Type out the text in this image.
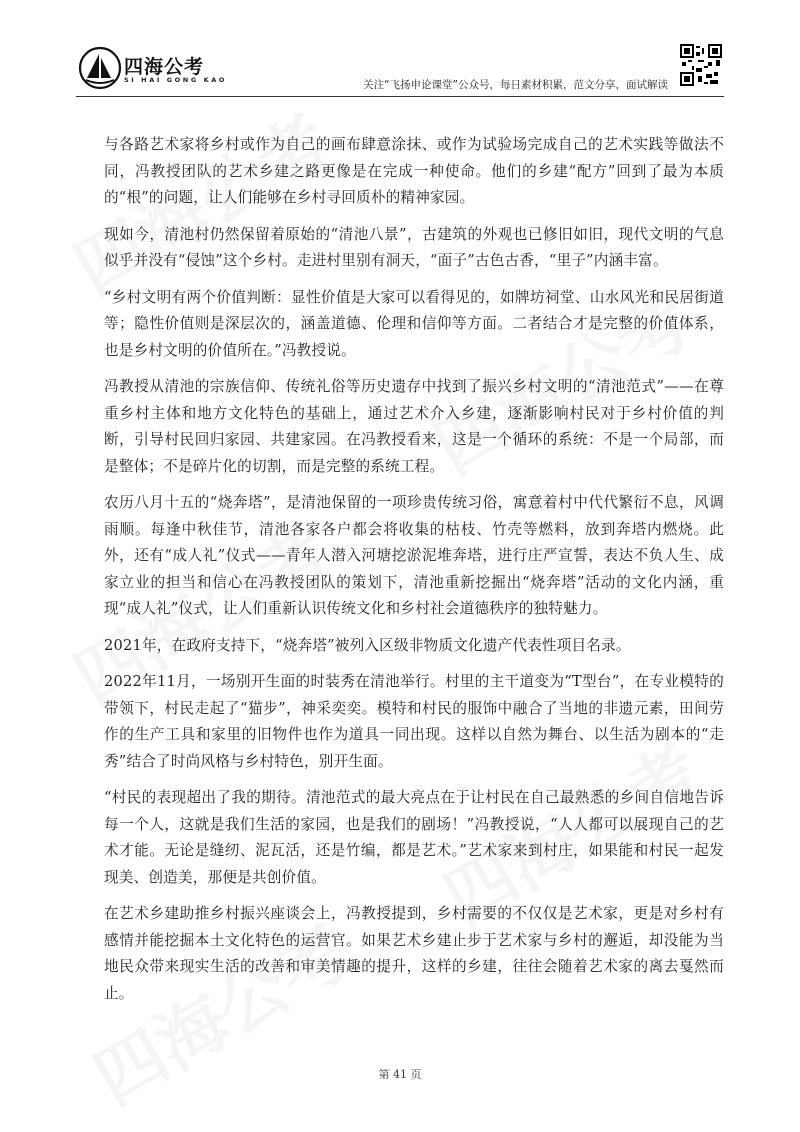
四海公考
SI HAI GONG KAO	关注“飞扬申论课堂”公众号，每日素材积累，范文分享，面试解读

与各路艺术家将乡村或作为自己的画布肆意涂抹、或作为试验场完成自己的艺术实践等做法不同，冯教授团队的艺术乡建之路更像是在完成一种使命。他们的乡建“配方”回到了最为本质的“根”的问题，让人们能够在乡村寻回质朴的精神家园。

现如今，清池村仍然保留着原始的“清池八景”，古建筑的外观也已修旧如旧，现代文明的气息似乎并没有“侵蚀”这个乡村。走进村里别有洞天，“面子”古色古香，“里子”内涵丰富。

“乡村文明有两个价值判断：显性价值是大家可以看得见的，如牌坊祠堂、山水风光和民居街道等；隐性价值则是深层次的，涵盖道德、伦理和信仰等方面。二者结合才是完整的价值体系，也是乡村文明的价值所在。”冯教授说。

冯教授从清池的宗族信仰、传统礼俗等历史遗存中找到了振兴乡村文明的“清池范式”——在尊重乡村主体和地方文化特色的基础上，通过艺术介入乡建，逐渐影响村民对于乡村价值的判断，引导村民回归家园、共建家园。在冯教授看来，这是一个循环的系统：不是一个局部，而是整体；不是碎片化的切割，而是完整的系统工程。

农历八月十五的“烧奔塔”，是清池保留的一项珍贵传统习俗，寓意着村中代代繁衍不息，风调雨顺。每逢中秋佳节，清池各家各户都会将收集的枯枝、竹壳等燃料，放到奔塔内燃烧。此外，还有“成人礼”仪式——青年人潜入河塘挖淤泥堆奔塔，进行庄严宣誓，表达不负人生、成家立业的担当和信心在冯教授团队的策划下，清池重新挖掘出“烧奔塔”活动的文化内涵，重现“成人礼”仪式，让人们重新认识传统文化和乡村社会道德秩序的独特魅力。

2021年，在政府支持下，“烧奔塔”被列入区级非物质文化遗产代表性项目名录。

2022年11月，一场别开生面的时装秀在清池举行。村里的主干道变为“T型台”，在专业模特的带领下，村民走起了“猫步”，神采奕奕。模特和村民的服饰中融合了当地的非遗元素，田间劳作的生产工具和家里的旧物件也作为道具一同出现。这样以自然为舞台、以生活为剧本的“走秀”结合了时尚风格与乡村特色，别开生面。

“村民的表现超出了我的期待。清池范式的最大亮点在于让村民在自己最熟悉的乡间自信地告诉每一个人，这就是我们生活的家园，也是我们的剧场！”冯教授说，“人人都可以展现自己的艺术才能。无论是缝纫、泥瓦活，还是竹编，都是艺术。”艺术家来到村庄，如果能和村民一起发现美、创造美，那便是共创价值。

在艺术乡建助推乡村振兴座谈会上，冯教授提到，乡村需要的不仅仅是艺术家，更是对乡村有感情并能挖掘本土文化特色的运营官。如果艺术乡建止步于艺术家与乡村的邂逅，却没能为当地民众带来现实生活的改善和审美情趣的提升，这样的乡建，往往会随着艺术家的离去戛然而止。

第 41 页
